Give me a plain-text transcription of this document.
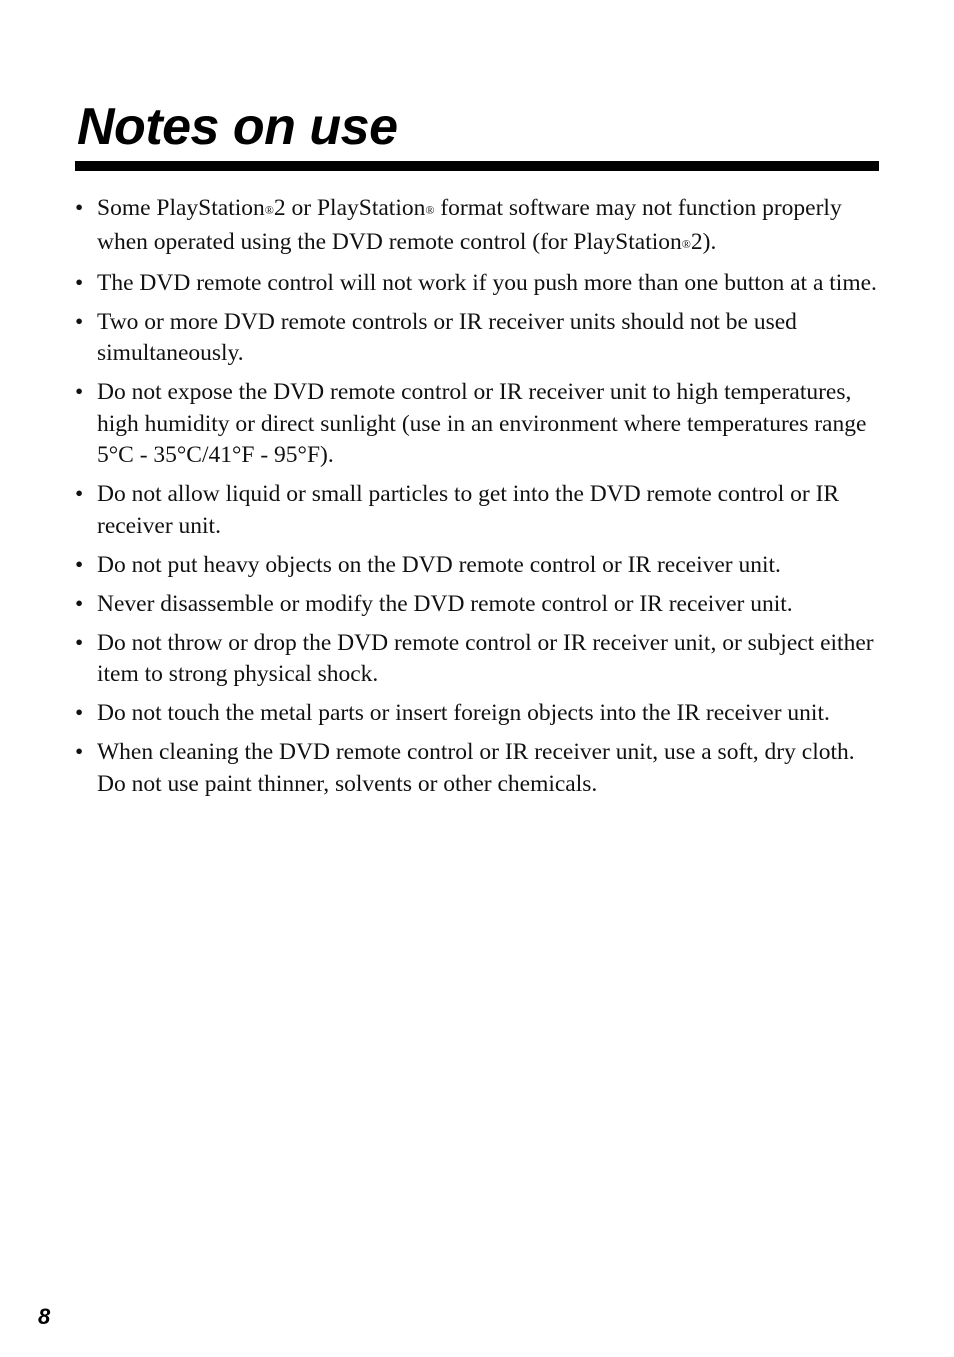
Notes on use
• Some PlayStation®2 or PlayStation® format software may not function properly when operated using the DVD remote control (for PlayStation®2).
• The DVD remote control will not work if you push more than one button at a time.
• Two or more DVD remote controls or IR receiver units should not be used simultaneously.
• Do not expose the DVD remote control or IR receiver unit to high temperatures, high humidity or direct sunlight (use in an environment where temperatures range 5°C - 35°C/41°F - 95°F).
• Do not allow liquid or small particles to get into the DVD remote control or IR receiver unit.
• Do not put heavy objects on the DVD remote control or IR receiver unit.
• Never disassemble or modify the DVD remote control or IR receiver unit.
• Do not throw or drop the DVD remote control or IR receiver unit, or subject either item to strong physical shock.
• Do not touch the metal parts or insert foreign objects into the IR receiver unit.
• When cleaning the DVD remote control or IR receiver unit, use a soft, dry cloth. Do not use paint thinner, solvents or other chemicals.
8
